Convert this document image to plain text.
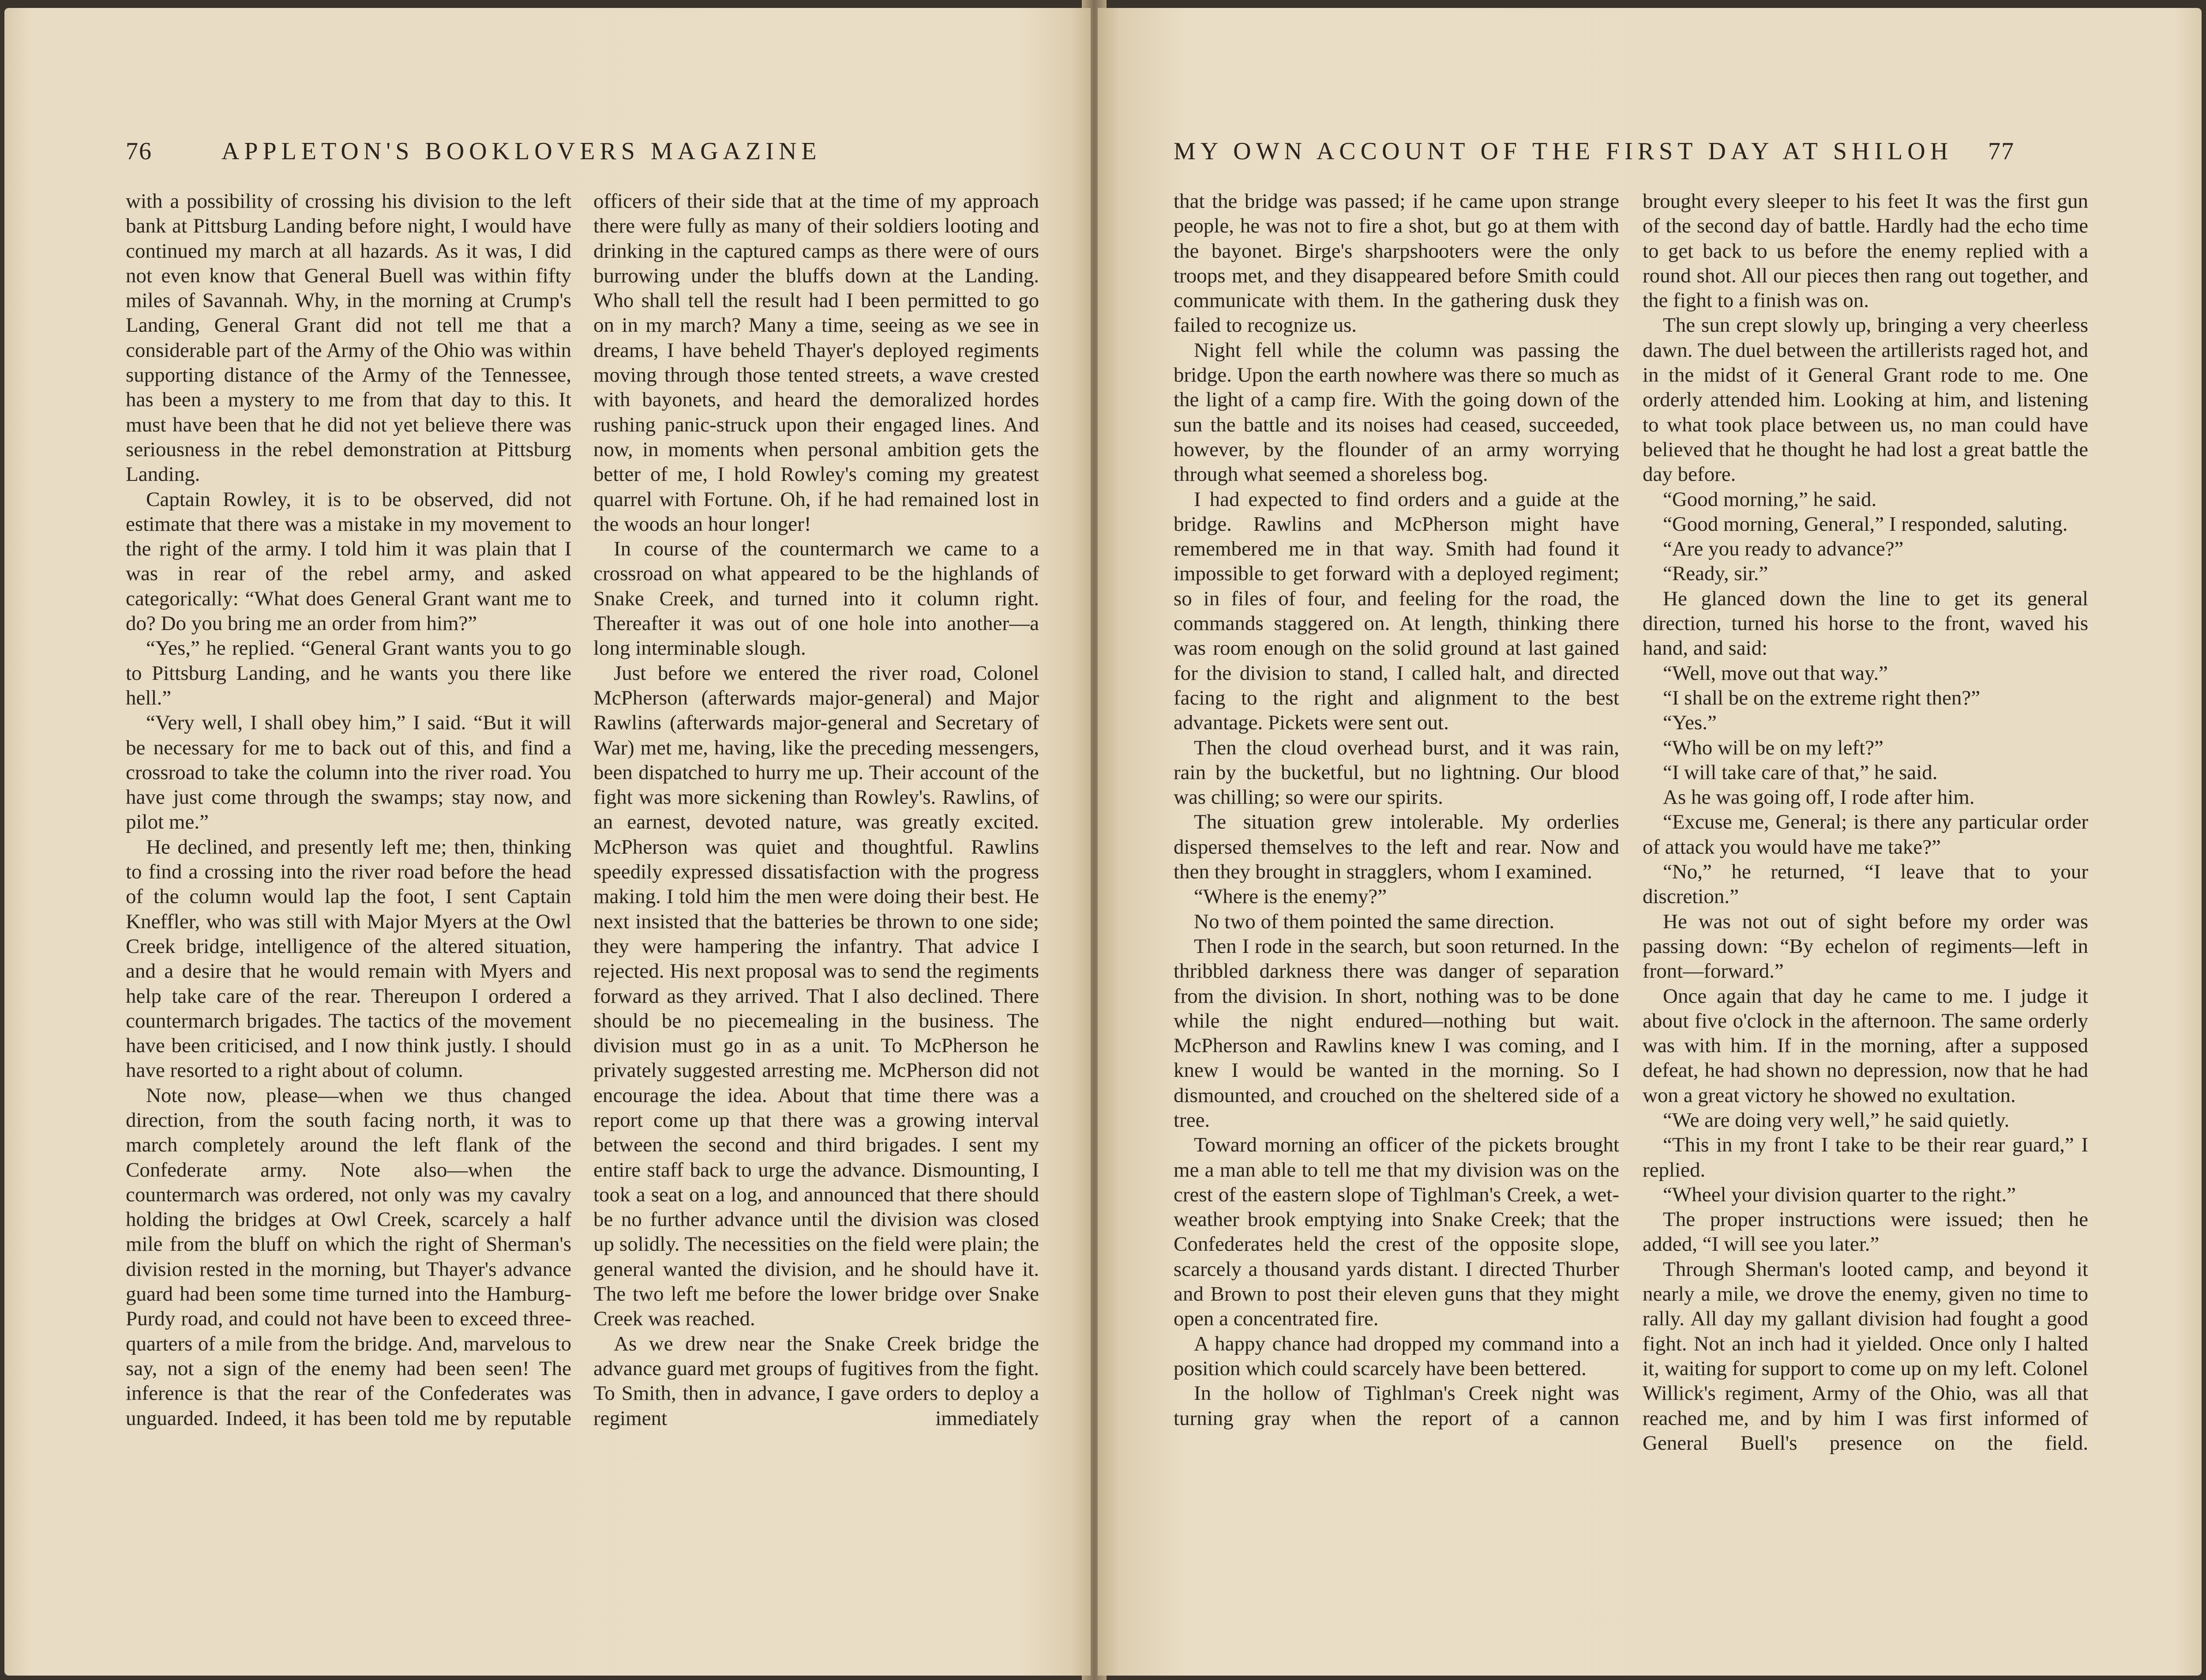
76	APPLETON'S BOOKLOVERS MAGAZINE

with a possibility of crossing his division to the left bank at Pittsburg Landing before night, I would have continued my march at all hazards. As it was, I did not even know that General Buell was within fifty miles of Savannah. Why, in the morning at Crump's Landing, General Grant did not tell me that a considerable part of the Army of the Ohio was within supporting distance of the Army of the Tennessee, has been a mystery to me from that day to this. It must have been that he did not yet believe there was seriousness in the rebel demonstration at Pittsburg Landing.

Captain Rowley, it is to be observed, did not estimate that there was a mistake in my movement to the right of the army. I told him it was plain that I was in rear of the rebel army, and asked categorically: “What does General Grant want me to do? Do you bring me an order from him?”

“Yes,” he replied. “General Grant wants you to go to Pittsburg Landing, and he wants you there like hell.”

“Very well, I shall obey him,” I said. “But it will be necessary for me to back out of this, and find a crossroad to take the column into the river road. You have just come through the swamps; stay now, and pilot me.”

He declined, and presently left me; then, thinking to find a crossing into the river road before the head of the column would lap the foot, I sent Captain Kneffler, who was still with Major Myers at the Owl Creek bridge, intelligence of the altered situation, and a desire that he would remain with Myers and help take care of the rear. Thereupon I ordered a countermarch brigades. The tactics of the movement have been criticised, and I now think justly. I should have resorted to a right about of column.

Note now, please—when we thus changed direction, from the south facing north, it was to march completely around the left flank of the Confederate army. Note also—when the countermarch was ordered, not only was my cavalry holding the bridges at Owl Creek, scarcely a half mile from the bluff on which the right of Sherman's division rested in the morning, but Thayer's advance guard had been some time turned into the Hamburg-Purdy road, and could not have been to exceed three-quarters of a mile from the bridge. And, marvelous to say, not a sign of the enemy had been seen! The inference is that the rear of the Confederates was unguarded. Indeed, it has been told me by reputable

officers of their side that at the time of my approach there were fully as many of their soldiers looting and drinking in the captured camps as there were of ours burrowing under the bluffs down at the Landing. Who shall tell the result had I been permitted to go on in my march? Many a time, seeing as we see in dreams, I have beheld Thayer's deployed regiments moving through those tented streets, a wave crested with bayonets, and heard the demoralized hordes rushing panic-struck upon their engaged lines. And now, in moments when personal ambition gets the better of me, I hold Rowley's coming my greatest quarrel with Fortune. Oh, if he had remained lost in the woods an hour longer!

In course of the countermarch we came to a crossroad on what appeared to be the highlands of Snake Creek, and turned into it column right. Thereafter it was out of one hole into another—a long interminable slough.

Just before we entered the river road, Colonel McPherson (afterwards major-general) and Major Rawlins (afterwards major-general and Secretary of War) met me, having, like the preceding messengers, been dispatched to hurry me up. Their account of the fight was more sickening than Rowley's. Rawlins, of an earnest, devoted nature, was greatly excited. McPherson was quiet and thoughtful. Rawlins speedily expressed dissatisfaction with the progress making. I told him the men were doing their best. He next insisted that the batteries be thrown to one side; they were hampering the infantry. That advice I rejected. His next proposal was to send the regiments forward as they arrived. That I also declined. There should be no piecemealing in the business. The division must go in as a unit. To McPherson he privately suggested arresting me. McPherson did not encourage the idea. About that time there was a report come up that there was a growing interval between the second and third brigades. I sent my entire staff back to urge the advance. Dismounting, I took a seat on a log, and announced that there should be no further advance until the division was closed up solidly. The necessities on the field were plain; the general wanted the division, and he should have it. The two left me before the lower bridge over Snake Creek was reached.

As we drew near the Snake Creek bridge the advance guard met groups of fugitives from the fight. To Smith, then in advance, I gave orders to deploy a regiment immediately

MY OWN ACCOUNT OF THE FIRST DAY AT SHILOH 77

that the bridge was passed; if he came upon strange people, he was not to fire a shot, but go at them with the bayonet. Birge's sharpshooters were the only troops met, and they disappeared before Smith could communicate with them. In the gathering dusk they failed to recognize us.

Night fell while the column was passing the bridge. Upon the earth nowhere was there so much as the light of a camp fire. With the going down of the sun the battle and its noises had ceased, succeeded, however, by the flounder of an army worrying through what seemed a shoreless bog.

I had expected to find orders and a guide at the bridge. Rawlins and McPherson might have remembered me in that way. Smith had found it impossible to get forward with a deployed regiment; so in files of four, and feeling for the road, the commands staggered on. At length, thinking there was room enough on the solid ground at last gained for the division to stand, I called halt, and directed facing to the right and alignment to the best advantage. Pickets were sent out.

Then the cloud overhead burst, and it was rain, rain by the bucketful, but no lightning. Our blood was chilling; so were our spirits.

The situation grew intolerable. My orderlies dispersed themselves to the left and rear. Now and then they brought in stragglers, whom I examined.

“Where is the enemy?”

No two of them pointed the same direction.

Then I rode in the search, but soon returned. In the thribbled darkness there was danger of separation from the division. In short, nothing was to be done while the night endured—nothing but wait. McPherson and Rawlins knew I was coming, and I knew I would be wanted in the morning. So I dismounted, and crouched on the sheltered side of a tree.

Toward morning an officer of the pickets brought me a man able to tell me that my division was on the crest of the eastern slope of Tighlman's Creek, a wet-weather brook emptying into Snake Creek; that the Confederates held the crest of the opposite slope, scarcely a thousand yards distant. I directed Thurber and Brown to post their eleven guns that they might open a concentrated fire.

A happy chance had dropped my command into a position which could scarcely have been bettered.

In the hollow of Tighlman's Creek night was turning gray when the report of a cannon

brought every sleeper to his feet It was the first gun of the second day of battle. Hardly had the echo time to get back to us before the enemy replied with a round shot. All our pieces then rang out together, and the fight to a finish was on.

The sun crept slowly up, bringing a very cheerless dawn. The duel between the artillerists raged hot, and in the midst of it General Grant rode to me. One orderly attended him. Looking at him, and listening to what took place between us, no man could have believed that he thought he had lost a great battle the day before.

“Good morning,” he said.

“Good morning, General,” I responded, saluting.

“Are you ready to advance?”

“Ready, sir.”

He glanced down the line to get its general direction, turned his horse to the front, waved his hand, and said:

“Well, move out that way.”

“I shall be on the extreme right then?”

“Yes.”

“Who will be on my left?”

“I will take care of that,” he said.

As he was going off, I rode after him.

“Excuse me, General; is there any particular order of attack you would have me take?”

“No,” he returned, “I leave that to your discretion.”

He was not out of sight before my order was passing down: “By echelon of regiments—left in front—forward.”

Once again that day he came to me. I judge it about five o'clock in the afternoon. The same orderly was with him. If in the morning, after a supposed defeat, he had shown no depression, now that he had won a great victory he showed no exultation.

“We are doing very well,” he said quietly.

“This in my front I take to be their rear guard,” I replied.

“Wheel your division quarter to the right.”

The proper instructions were issued; then he added, “I will see you later.”

Through Sherman's looted camp, and beyond it nearly a mile, we drove the enemy, given no time to rally. All day my gallant division had fought a good fight. Not an inch had it yielded. Once only I halted it, waiting for support to come up on my left. Colonel Willick's regiment, Army of the Ohio, was all that reached me, and by him I was first informed of General Buell's presence on the field.
